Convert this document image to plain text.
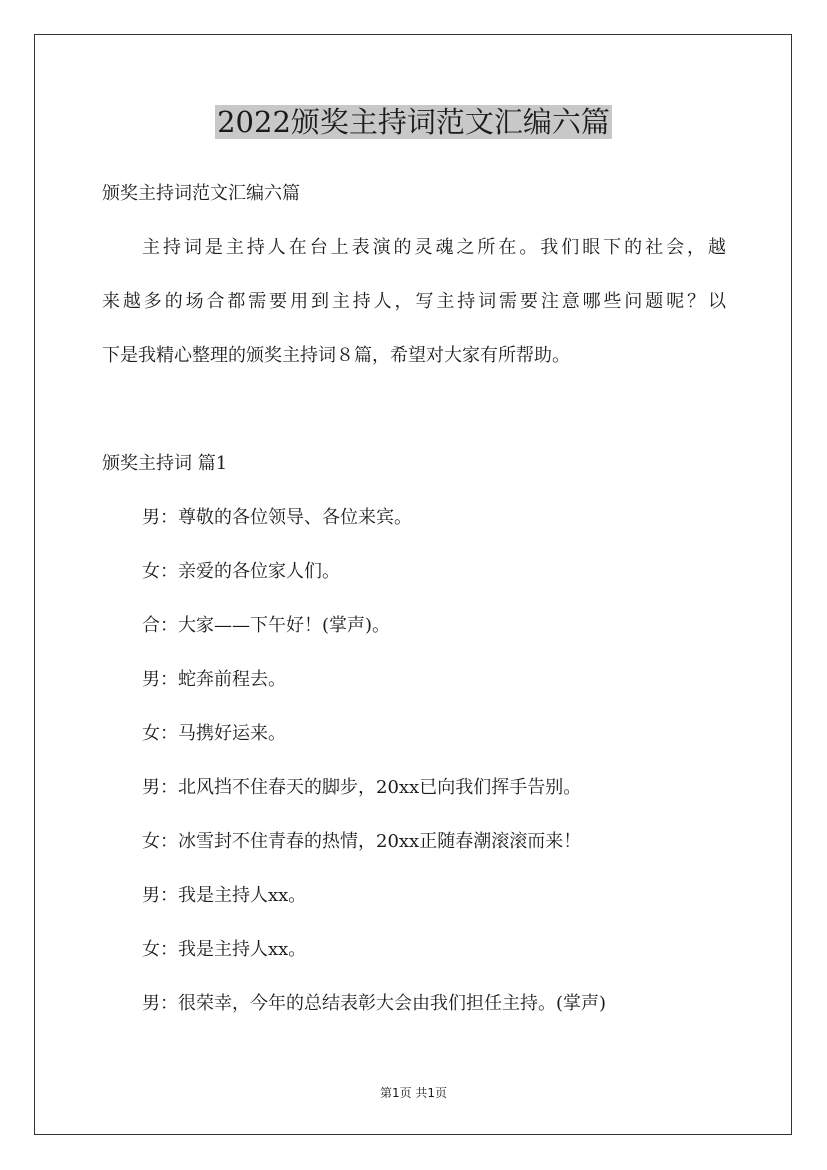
2022颁奖主持词范文汇编六篇
颁奖主持词范文汇编六篇
主持词是主持人在台上表演的灵魂之所在。我们眼下的社会，越
来越多的场合都需要用到主持人，写主持词需要注意哪些问题呢？以
下是我精心整理的颁奖主持词８篇，希望对大家有所帮助。
颁奖主持词 篇1
男：尊敬的各位领导、各位来宾。
女：亲爱的各位家人们。
合：大家——下午好！(掌声)。
男：蛇奔前程去。
女：马携好运来。
男：北风挡不住春天的脚步，20xx已向我们挥手告别。
女：冰雪封不住青春的热情，20xx正随春潮滚滚而来！
男：我是主持人xx。
女：我是主持人xx。
男：很荣幸，今年的总结表彰大会由我们担任主持。(掌声)
第1页 共1页
